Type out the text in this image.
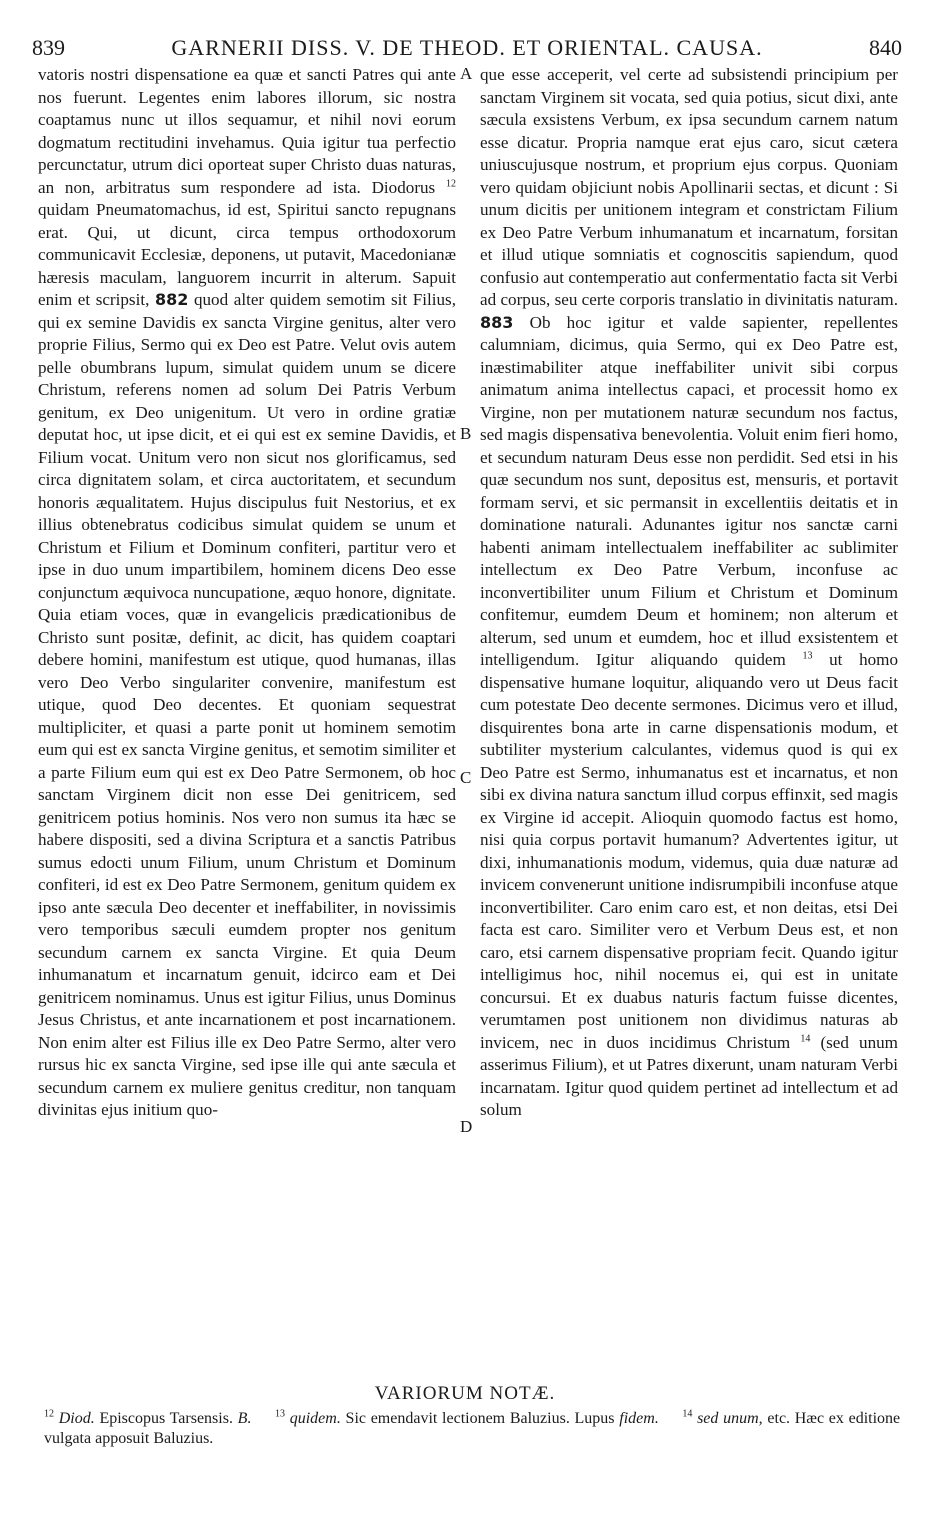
839	GARNERII DISS. V. DE THEOD. ET ORIENTAL. CAUSA.	840

vatoris nostri dispensatione ea quæ et sancti Patres qui ante nos fuerunt. Legentes enim labores illorum, sic nostra coaptamus nunc ut illos sequamur, et nihil novi eorum dogmatum rectitudini invehamus. Quia igitur tua perfectio percunctatur, utrum dici oporteat super Christo duas naturas, an non, arbitratus sum respondere ad ista. Diodorus $^{12}$ quidam Pneumatomachus, id est, Spiritui sancto repugnans erat. Qui, ut dicunt, circa tempus orthodoxorum communicavit Ecclesiæ, deponens, ut putavit, Macedonianæ hæresis maculam, languorem incurrit in alterum. Sapuit enim et scripsit, 882 quod alter quidem semotim sit Filius, qui ex semine Davidis ex sancta Virgine genitus, alter vero proprie Filius, Sermo qui ex Deo est Patre. Velut ovis autem pelle obumbrans lupum, simulat quidem unum se dicere Christum, referens nomen ad solum Dei Patris Verbum genitum, ex Deo unigenitum. Ut vero in ordine gratiæ deputat hoc, ut ipse dicit, et ei qui est ex semine Davidis, et Filium vocat. Unitum vero non sicut nos glorificamus, sed circa dignitatem solam, et circa auctoritatem, et secundum honoris æqualitatem. Hujus discipulus fuit Nestorius, et ex illius obtenebratus codicibus simulat quidem se unum et Christum et Filium et Dominum confiteri, partitur vero et ipse in duo unum impartibilem, hominem dicens Deo esse conjunctum æquivoca nuncupatione, æquo honore, dignitate. Quia etiam voces, quæ in evangelicis prædicationibus de Christo sunt positæ, definit, ac dicit, has quidem coaptari debere homini, manifestum est utique, quod humanas, illas vero Deo Verbo singulariter convenire, manifestum est utique, quod Deo decentes. Et quoniam sequestrat multipliciter, et quasi a parte ponit ut hominem semotim eum qui est ex sancta Virgine genitus, et semotim similiter et a parte Filium eum qui est ex Deo Patre Sermonem, ob hoc sanctam Virginem dicit non esse Dei genitricem, sed genitricem potius hominis. Nos vero non sumus ita hæc se habere dispositi, sed a divina Scriptura et a sanctis Patribus sumus edocti unum Filium, unum Christum et Dominum confiteri, id est ex Deo Patre Sermonem, genitum quidem ex ipso ante sæcula Deo decenter et ineffabiliter, in novissimis vero temporibus sæculi eumdem propter nos genitum secundum carnem ex sancta Virgine. Et quia Deum inhumanatum et incarnatum genuit, idcirco eam et Dei genitricem nominamus. Unus est igitur Filius, unus Dominus Jesus Christus, et ante incarnationem et post incarnationem. Non enim alter est Filius ille ex Deo Patre Sermo, alter vero rursus hic ex sancta Virgine, sed ipse ille qui ante sæcula et secundum carnem ex muliere genitus creditur, non tanquam divinitas ejus initium quo-

A
B
C
D

que esse acceperit, vel certe ad subsistendi principium per sanctam Virginem sit vocata, sed quia potius, sicut dixi, ante sæcula exsistens Verbum, ex ipsa secundum carnem natum esse dicatur. Propria namque erat ejus caro, sicut cætera uniuscujusque nostrum, et proprium ejus corpus. Quoniam vero quidam objiciunt nobis Apollinarii sectas, et dicunt : Si unum dicitis per unitionem integram et constrictam Filium ex Deo Patre Verbum inhumanatum et incarnatum, forsitan et illud utique somniatis et cognoscitis sapiendum, quod confusio aut contemperatio aut confermentatio facta sit Verbi ad corpus, seu certe corporis translatio in divinitatis naturam. 883 Ob hoc igitur et valde sapienter, repellentes calumniam, dicimus, quia Sermo, qui ex Deo Patre est, inæstimabiliter atque ineffabiliter univit sibi corpus animatum anima intellectus capaci, et processit homo ex Virgine, non per mutationem naturæ secundum nos factus, sed magis dispensativa benevolentia. Voluit enim fieri homo, et secundum naturam Deus esse non perdidit. Sed etsi in his quæ secundum nos sunt, depositus est, mensuris, et portavit formam servi, et sic permansit in excellentiis deitatis et in dominatione naturali. Adunantes igitur nos sanctæ carni habenti animam intellectualem ineffabiliter ac sublimiter intellectum ex Deo Patre Verbum, inconfuse ac inconvertibiliter unum Filium et Christum et Dominum confitemur, eumdem Deum et hominem; non alterum et alterum, sed unum et eumdem, hoc et illud exsistentem et intelligendum. Igitur aliquando quidem $^{13}$ ut homo dispensative humane loquitur, aliquando vero ut Deus facit cum potestate Deo decente sermones. Dicimus vero et illud, disquirentes bona arte in carne dispensationis modum, et subtiliter mysterium calculantes, videmus quod is qui ex Deo Patre est Sermo, inhumanatus est et incarnatus, et non sibi ex divina natura sanctum illud corpus effinxit, sed magis ex Virgine id accepit. Alioquin quomodo factus est homo, nisi quia corpus portavit humanum? Advertentes igitur, ut dixi, inhumanationis modum, videmus, quia duæ naturæ ad invicem convenerunt unitione indisrumpibili inconfuse atque inconvertibiliter. Caro enim caro est, et non deitas, etsi Dei facta est caro. Similiter vero et Verbum Deus est, et non caro, etsi carnem dispensative propriam fecit. Quando igitur intelligimus hoc, nihil nocemus ei, qui est in unitate concursui. Et ex duabus naturis factum fuisse dicentes, verumtamen post unitionem non dividimus naturas ab invicem, nec in duos incidimus Christum $^{14}$ (sed unum asserimus Filium), et ut Patres dixerunt, unam naturam Verbi incarnatam. Igitur quod quidem pertinet ad intellectum et ad solum

VARIORUM NOTÆ.
$^{12}$ Diod. Episcopus Tarsensis. B. $^{13}$ quidem. Sic emendavit lectionem Baluzius. Lupus fidem. $^{14}$ sed unum, etc. Hæc ex editione vulgata apposuit Baluzius.
